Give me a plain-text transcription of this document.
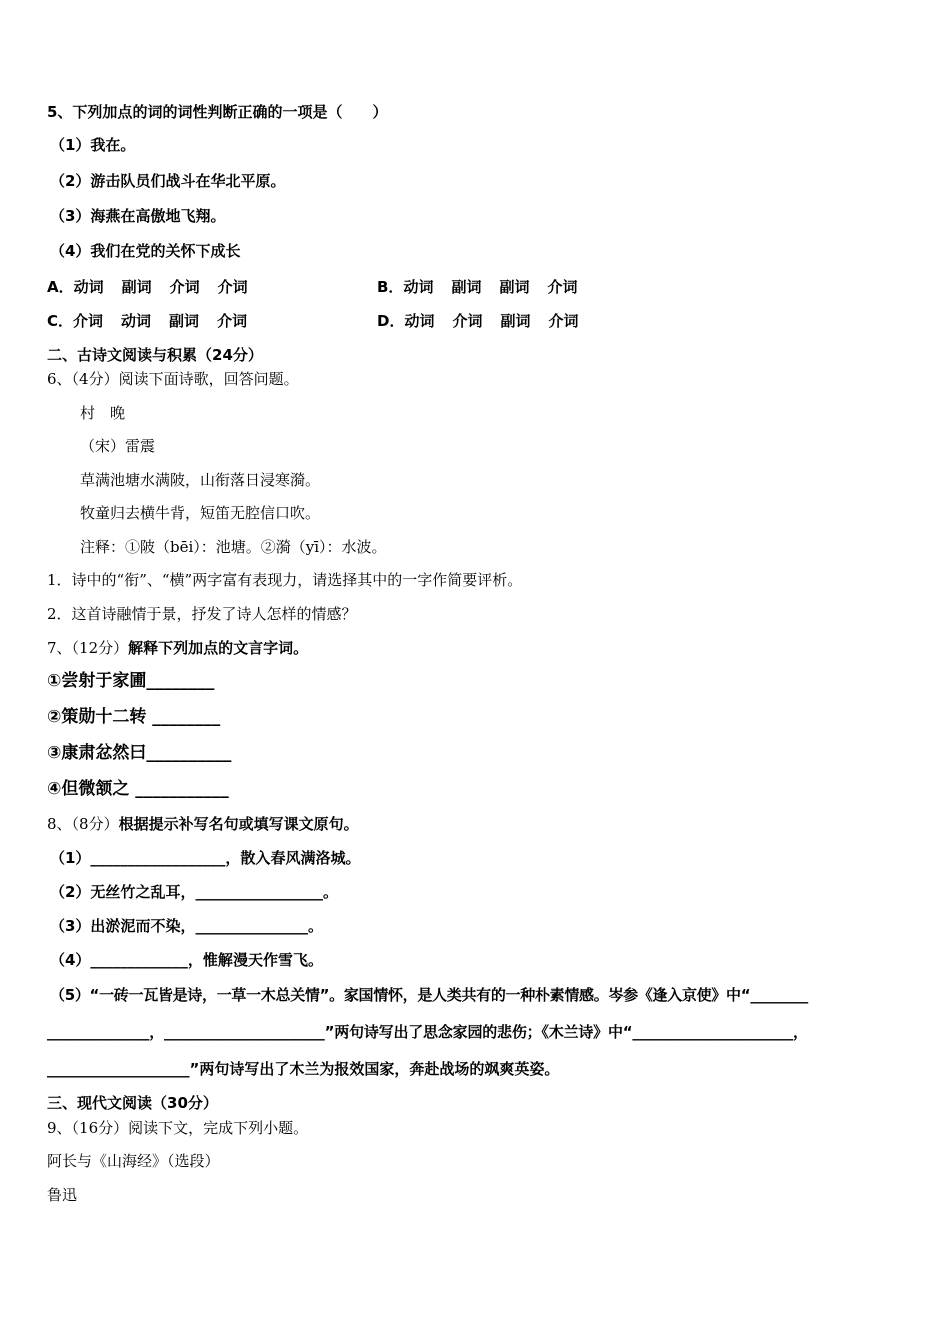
5、下列加点的词的词性判断正确的一项是（　　）
（1）我在。
（2）游击队员们战斗在华北平原。
（3）海燕在高傲地飞翔。
（4）我们在党的关怀下成长
A．动词 副词 介词 介词	B．动词 副词 副词 介词
C．介词 动词 副词 介词	D．动词 介词 副词 介词
二、古诗文阅读与积累（24分）
6、（4分）阅读下面诗歌，回答问题。
村　晚
（宋）雷震
草满池塘水满陂，山衔落日浸寒漪。
牧童归去横牛背，短笛无腔信口吹。
注释：①陂（bēi）：池塘。②漪（yī）：水波。
1．诗中的“衔”、“横”两字富有表现力，请选择其中的一字作简要评析。
2．这首诗融情于景，抒发了诗人怎样的情感？
7、（12分）解释下列加点的文言字词。
①尝射于家圃________
②策勋十二转 ________
③康肃忿然曰__________
④但微颔之 ___________
8、（8分）根据提示补写名句或填写课文原句。
（1）__________________，散入春风满洛城。
（2）无丝竹之乱耳，_________________。
（3）出淤泥而不染，_______________。
（4）_____________，惟解漫天作雪飞。
（5）“一砖一瓦皆是诗，一草一木总关情”。家国情怀，是人类共有的一种朴素情感。岑参《逢入京使》中“________
______________，______________________”两句诗写出了思念家园的悲伤；《木兰诗》中“______________________，
___________________”两句诗写出了木兰为报效国家，奔赴战场的飒爽英姿。
三、现代文阅读（30分）
9、（16分）阅读下文，完成下列小题。
阿长与《山海经》（选段）
鲁迅
